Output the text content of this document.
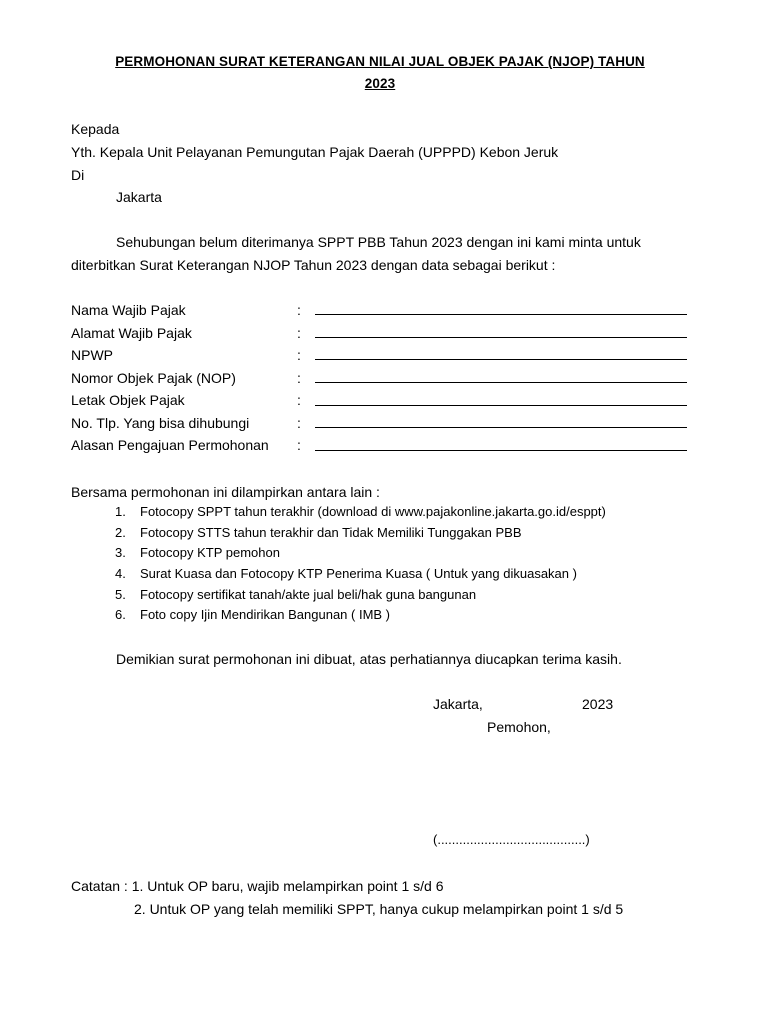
PERMOHONAN SURAT KETERANGAN NILAI JUAL OBJEK PAJAK (NJOP) TAHUN
2023
Kepada
Yth. Kepala Unit Pelayanan Pemungutan Pajak Daerah (UPPPD) Kebon Jeruk
Di
Jakarta
Sehubungan belum diterimanya SPPT PBB Tahun 2023 dengan ini kami minta untuk
diterbitkan Surat Keterangan NJOP Tahun 2023 dengan data sebagai berikut :
Nama Wajib Pajak	:
Alamat Wajib Pajak	:
NPWP	:
Nomor Objek Pajak (NOP)	:
Letak Objek Pajak	:
No. Tlp. Yang bisa dihubungi	:
Alasan Pengajuan Permohonan :
Bersama permohonan ini dilampirkan antara lain :
1.	Fotocopy SPPT tahun terakhir (download di www.pajakonline.jakarta.go.id/esppt)
2.	Fotocopy STTS tahun terakhir dan Tidak Memiliki Tunggakan PBB
3.	Fotocopy KTP pemohon
4.	Surat Kuasa dan Fotocopy KTP Penerima Kuasa ( Untuk yang dikuasakan )
5.	Fotocopy sertifikat tanah/akte jual beli/hak guna bangunan
6.	Foto copy Ijin Mendirikan Bangunan ( IMB )
Demikian surat permohonan ini dibuat, atas perhatiannya diucapkan terima kasih.
Jakarta,	2023
Pemohon,
(.........................................)
Catatan : 1. Untuk OP baru, wajib melampirkan point 1 s/d 6
2. Untuk OP yang telah memiliki SPPT, hanya cukup melampirkan point 1 s/d 5
